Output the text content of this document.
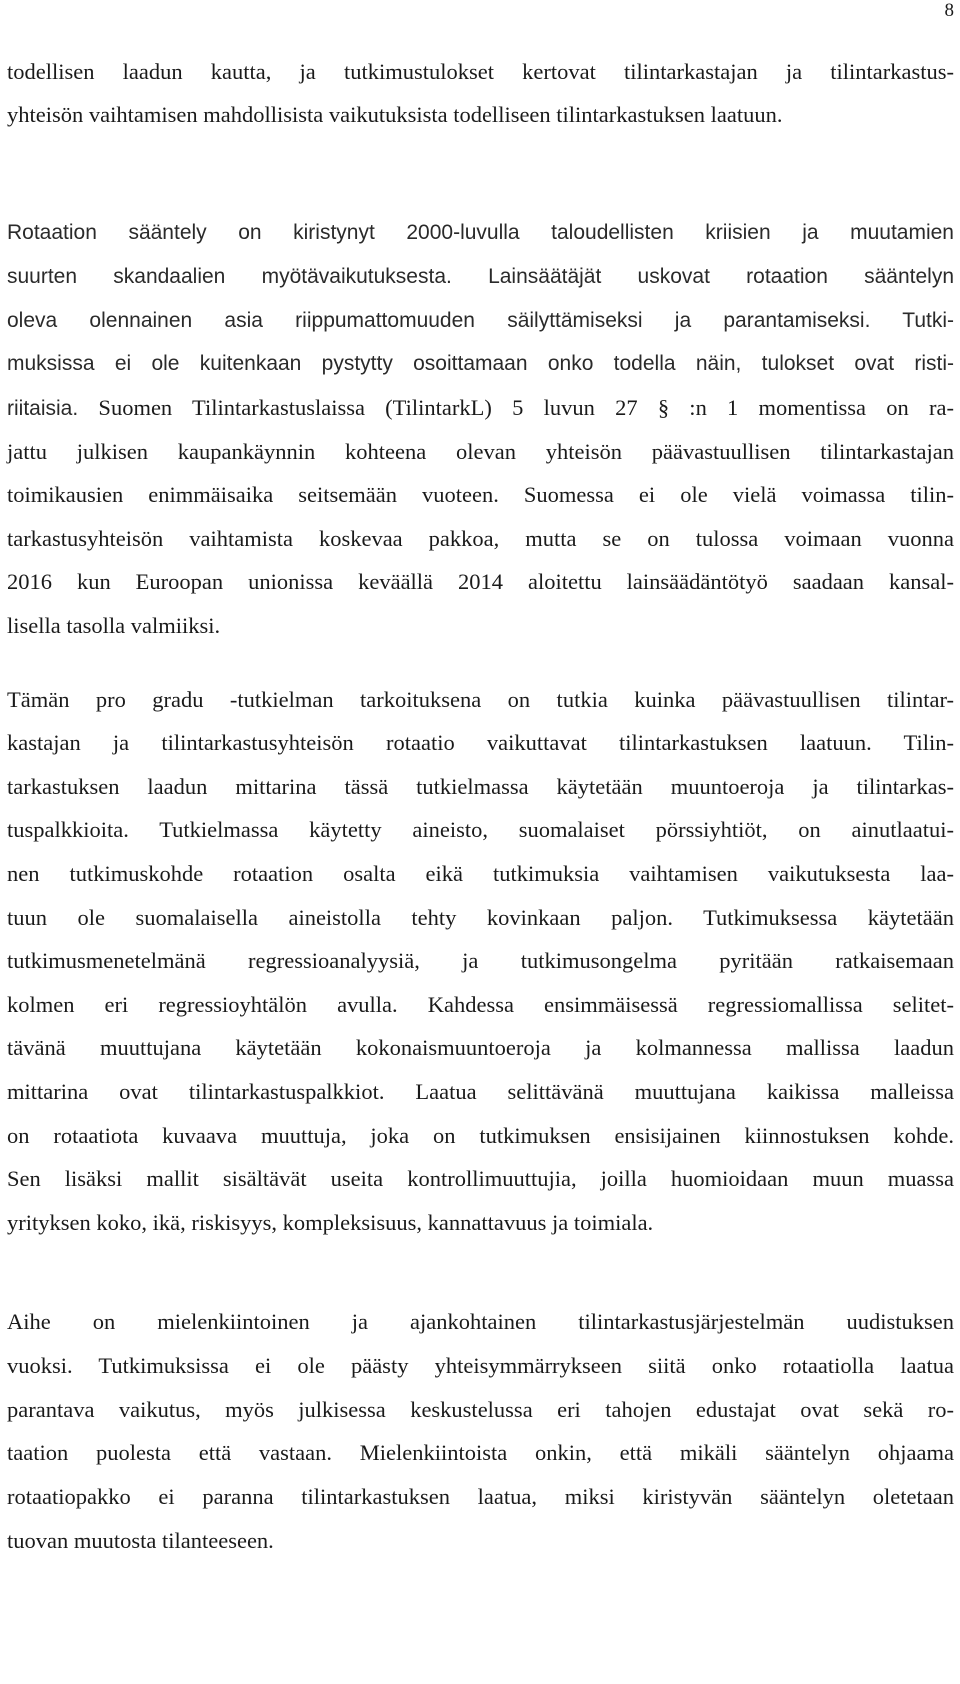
8
todellisen laadun kautta, ja tutkimustulokset kertovat tilintarkastajan ja tilintarkastus-
yhteisön vaihtamisen mahdollisista vaikutuksista todelliseen tilintarkastuksen laatuun.
Rotaation sääntely on kiristynyt 2000-luvulla taloudellisten kriisien ja muutamien
suurten skandaalien myötävaikutuksesta. Lainsäätäjät uskovat rotaation sääntelyn
oleva olennainen asia riippumattomuuden säilyttämiseksi ja parantamiseksi. Tutki-
muksissa ei ole kuitenkaan pystytty osoittamaan onko todella näin, tulokset ovat risti-
riitaisia. Suomen Tilintarkastuslaissa (TilintarkL) 5 luvun 27 § :n 1 momentissa on ra-
jattu julkisen kaupankäynnin kohteena olevan yhteisön päävastuullisen tilintarkastajan
toimikausien enimmäisaika seitsemään vuoteen. Suomessa ei ole vielä voimassa tilin-
tarkastusyhteisön vaihtamista koskevaa pakkoa, mutta se on tulossa voimaan vuonna
2016 kun Euroopan unionissa keväällä 2014 aloitettu lainsäädäntötyö saadaan kansal-
lisella tasolla valmiiksi.
Tämän pro gradu -tutkielman tarkoituksena on tutkia kuinka päävastuullisen tilintar-
kastajan ja tilintarkastusyhteisön rotaatio vaikuttavat tilintarkastuksen laatuun. Tilin-
tarkastuksen laadun mittarina tässä tutkielmassa käytetään muuntoeroja ja tilintarkas-
tuspalkkioita. Tutkielmassa käytetty aineisto, suomalaiset pörssiyhtiöt, on ainutlaatui-
nen tutkimuskohde rotaation osalta eikä tutkimuksia vaihtamisen vaikutuksesta laa-
tuun ole suomalaisella aineistolla tehty kovinkaan paljon. Tutkimuksessa käytetään
tutkimusmenetelmänä regressioanalyysiä, ja tutkimusongelma pyritään ratkaisemaan
kolmen eri regressioyhtälön avulla. Kahdessa ensimmäisessä regressiomallissa selitet-
tävänä muuttujana käytetään kokonaismuuntoeroja ja kolmannessa mallissa laadun
mittarina ovat tilintarkastuspalkkiot. Laatua selittävänä muuttujana kaikissa malleissa
on rotaatiota kuvaava muuttuja, joka on tutkimuksen ensisijainen kiinnostuksen kohde.
Sen lisäksi mallit sisältävät useita kontrollimuuttujia, joilla huomioidaan muun muassa
yrityksen koko, ikä, riskisyys, kompleksisuus, kannattavuus ja toimiala.
Aihe on mielenkiintoinen ja ajankohtainen tilintarkastusjärjestelmän uudistuksen
vuoksi. Tutkimuksissa ei ole päästy yhteisymmärrykseen siitä onko rotaatiolla laatua
parantava vaikutus, myös julkisessa keskustelussa eri tahojen edustajat ovat sekä ro-
taation puolesta että vastaan. Mielenkiintoista onkin, että mikäli sääntelyn ohjaama
rotaatiopakko ei paranna tilintarkastuksen laatua, miksi kiristyvän sääntelyn oletetaan
tuovan muutosta tilanteeseen.
